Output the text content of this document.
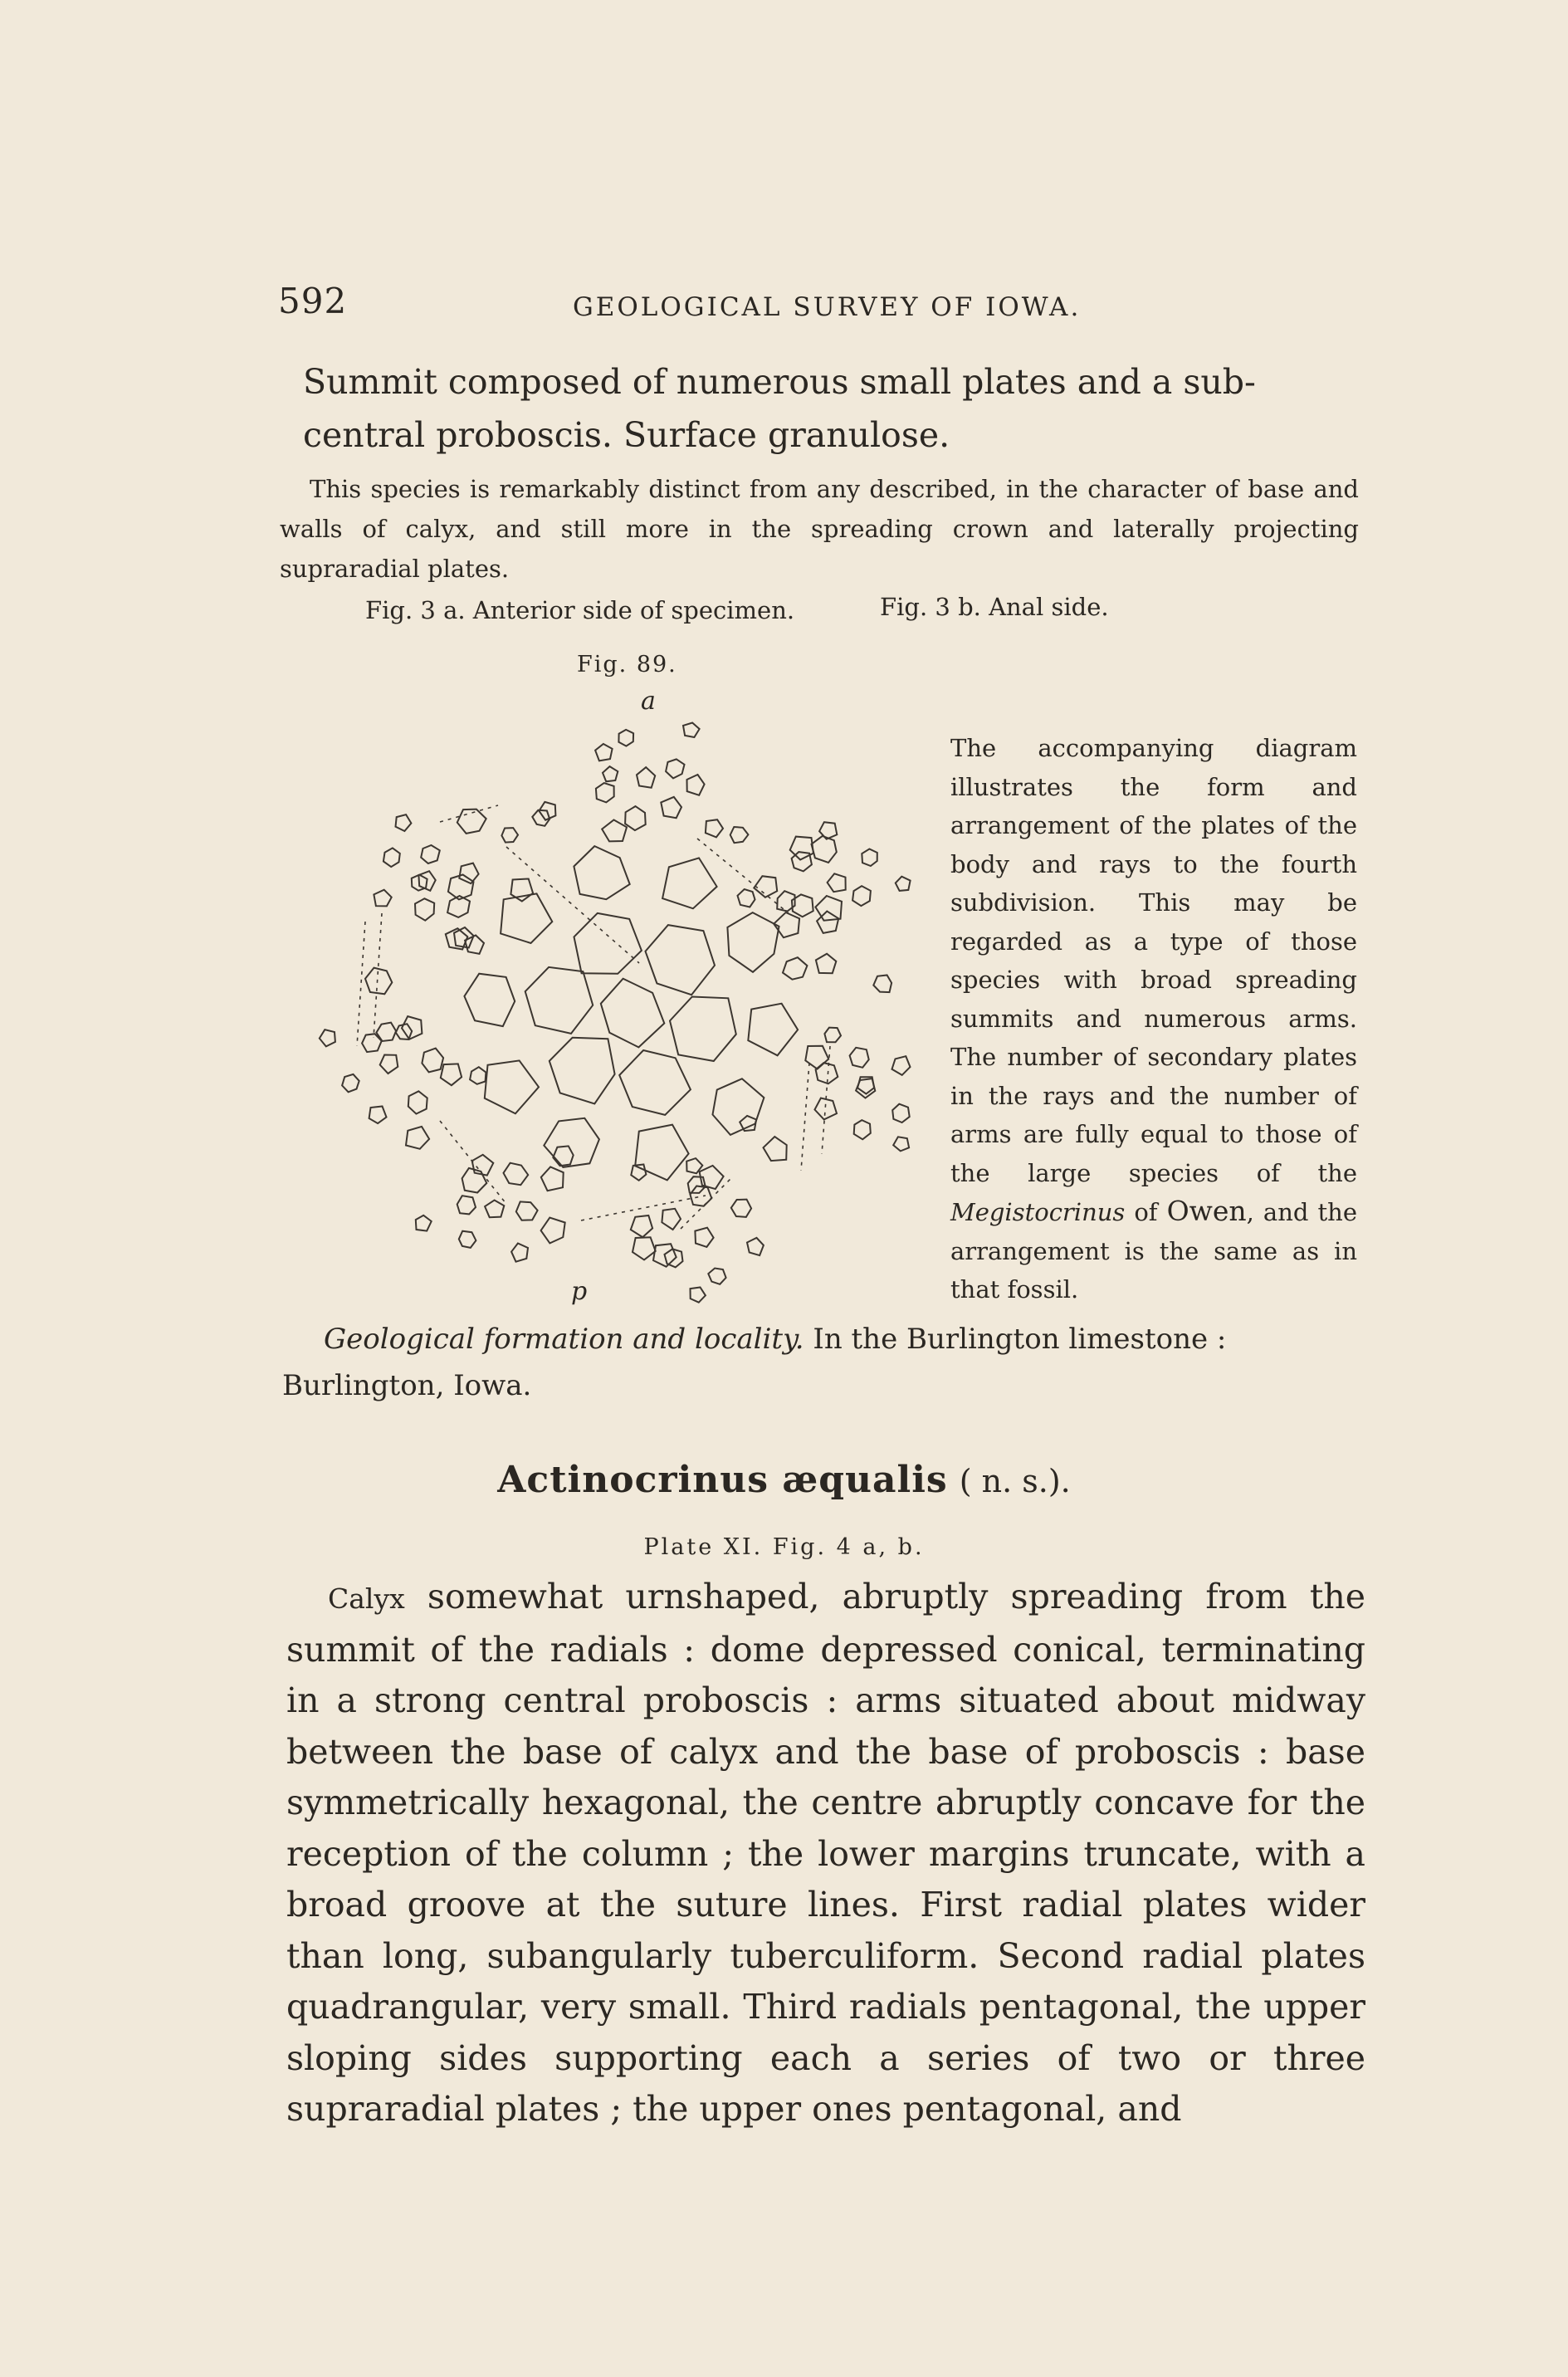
592	GEOLOGICAL SURVEY OF IOWA.

Summit composed of numerous small plates and a sub-

central proboscis. Surface granulose.

This species is remarkably distinct from any described, in the character of base and walls of calyx, and still more in the spreading crown and laterally projecting supraradial plates.

Fig. 3 a. Anterior side of specimen.	Fig. 3 b. Anal side.
Fig. 89.
a
p

The accompanying diagram illustrates the form and arrangement of the plates of the body and rays to the fourth subdivision. This may be regarded as a type of those species with broad spreading summits and numerous arms. The number of secondary plates in the rays and the number of arms are fully equal to those of the large species of the Megistocrinus of Owen, and the arrangement is the same as in that fossil.

Geological formation and locality. In the Burlington limestone : Burlington, Iowa.

Actinocrinus æqualis ( n. s.).
Plate XI. Fig. 4 a, b.

Calyx somewhat urnshaped, abruptly spreading from the summit of the radials : dome depressed conical, terminating in a strong central proboscis : arms situated about midway between the base of calyx and the base of proboscis : base symmetrically hexagonal, the centre abruptly concave for the reception of the column ; the lower margins truncate, with a broad groove at the suture lines. First radial plates wider than long, subangularly tuberculiform. Second radial plates quadrangular, very small. Third radials pentagonal, the upper sloping sides supporting each a series of two or three supraradial plates ; the upper ones pentagonal, and
